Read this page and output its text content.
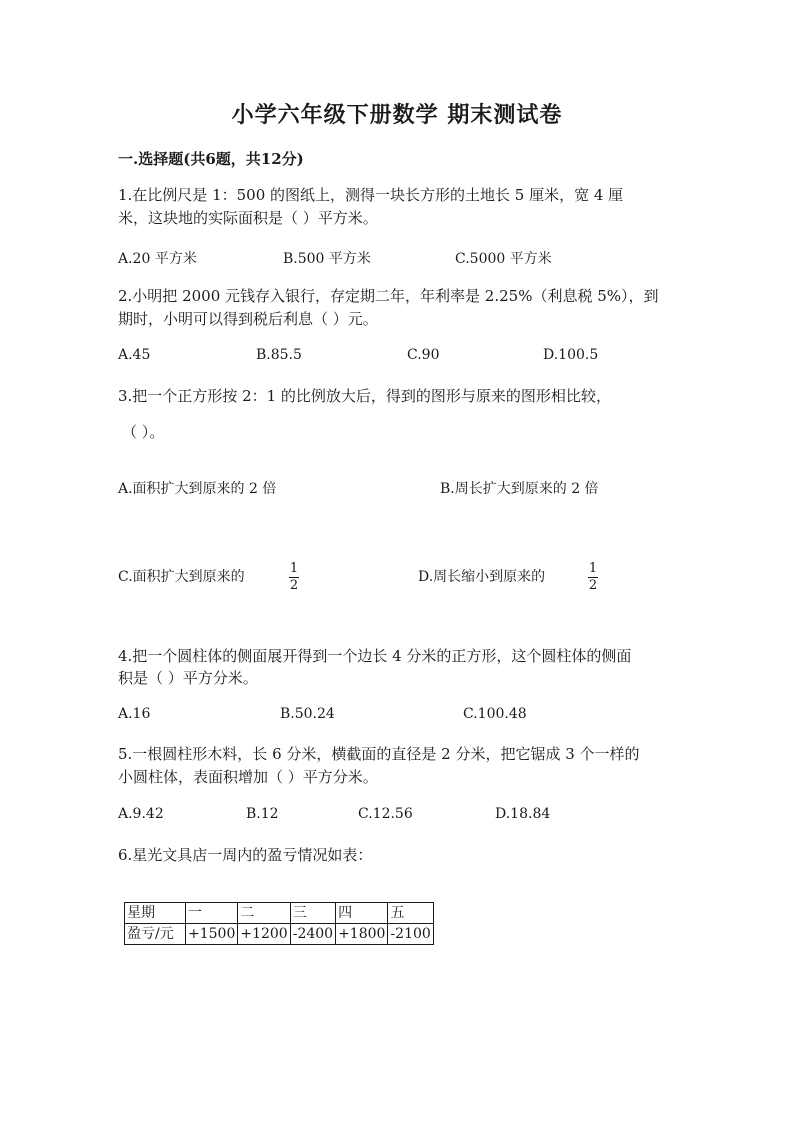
小学六年级下册数学 期末测试卷
一.选择题(共6题，共12分)
1.在比例尺是 1：500 的图纸上，测得一块长方形的土地长 5 厘米，宽 4 厘
米，这块地的实际面积是（ ）平方米。
A.20 平方米	B.500 平方米	C.5000 平方米
2.小明把 2000 元钱存入银行，存定期二年，年利率是 2.25%（利息税 5%），到
期时，小明可以得到税后利息（ ）元。
A.45	B.85.5	C.90	D.100.5
3.把一个正方形按 2：1 的比例放大后，得到的图形与原来的图形相比较，
（ ）。
A.面积扩大到原来的 2 倍	B.周长扩大到原来的 2 倍
C.面积扩大到原来的
1
2
D.周长缩小到原来的
1
2
4.把一个圆柱体的侧面展开得到一个边长 4 分米的正方形，这个圆柱体的侧面
积是（ ）平方分米。
A.16	B.50.24	C.100.48
5.一根圆柱形木料，长 6 分米，横截面的直径是 2 分米，把它锯成 3 个一样的
小圆柱体，表面积增加（ ）平方分米。
A.9.42	B.12	C.12.56	D.18.84
6.星光文具店一周内的盈亏情况如表：
星期	一	二	三	四	五
盈亏/元	+1500	+1200	-2400	+1800	-2100
